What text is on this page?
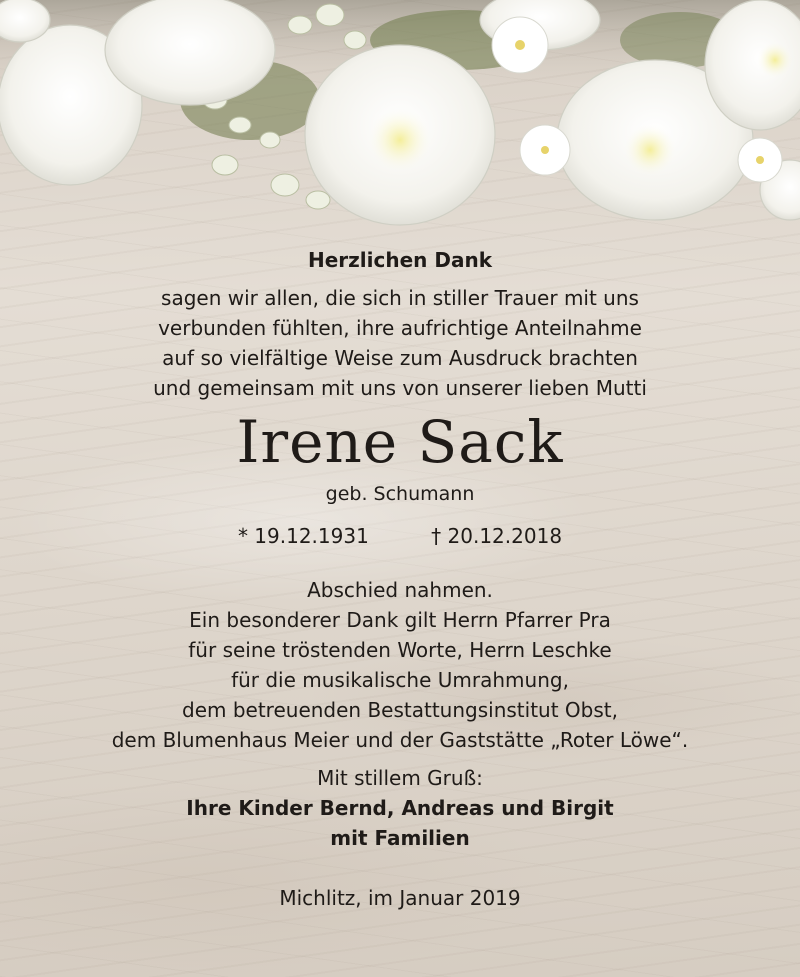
Herzlichen Dank
sagen wir allen, die sich in stiller Trauer mit uns
verbunden fühlten, ihre aufrichtige Anteilnahme
auf so vielfältige Weise zum Ausdruck brachten
und gemeinsam mit uns von unserer lieben Mutti
Irene Sack
geb. Schumann
* 19.12.1931	† 20.12.2018
Abschied nahmen.
Ein besonderer Dank gilt Herrn Pfarrer Pra
für seine tröstenden Worte, Herrn Leschke
für die musikalische Umrahmung,
dem betreuenden Bestattungsinstitut Obst,
dem Blumenhaus Meier und der Gaststätte „Roter Löwe“.
Mit stillem Gruß:
Ihre Kinder Bernd, Andreas und Birgit
mit Familien
Michlitz, im Januar 2019
